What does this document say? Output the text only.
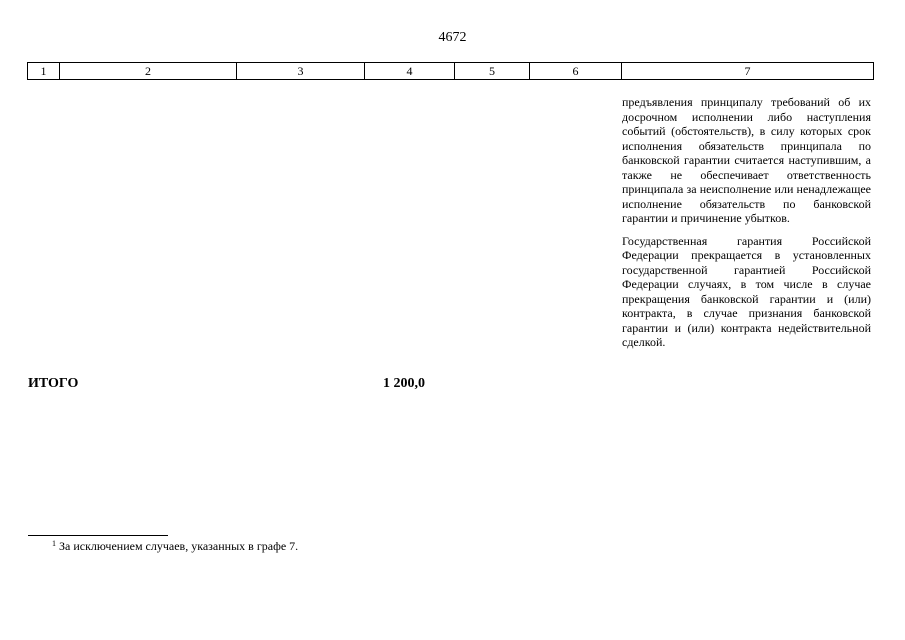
4672
1	2	3	4	5	6	7

предъявления принципалу требований об их досрочном исполнении либо наступления событий (обстоятельств), в силу которых срок исполнения обязательств принципала по банковской гарантии считается наступившим, а также не обеспечивает ответственность принципала за неисполнение или ненадлежащее исполнение обязательств по банковской гарантии и причинение убытков.

Государственная гарантия Российской Федерации прекращается в установленных государственной гарантией Российской Федерации случаях, в том числе в случае прекращения банковской гарантии и (или) контракта, в случае признания банковской гарантии и (или) контракта недействительной сделкой.

ИТОГО	1 200,0
$^1$ За исключением случаев, указанных в графе 7.
